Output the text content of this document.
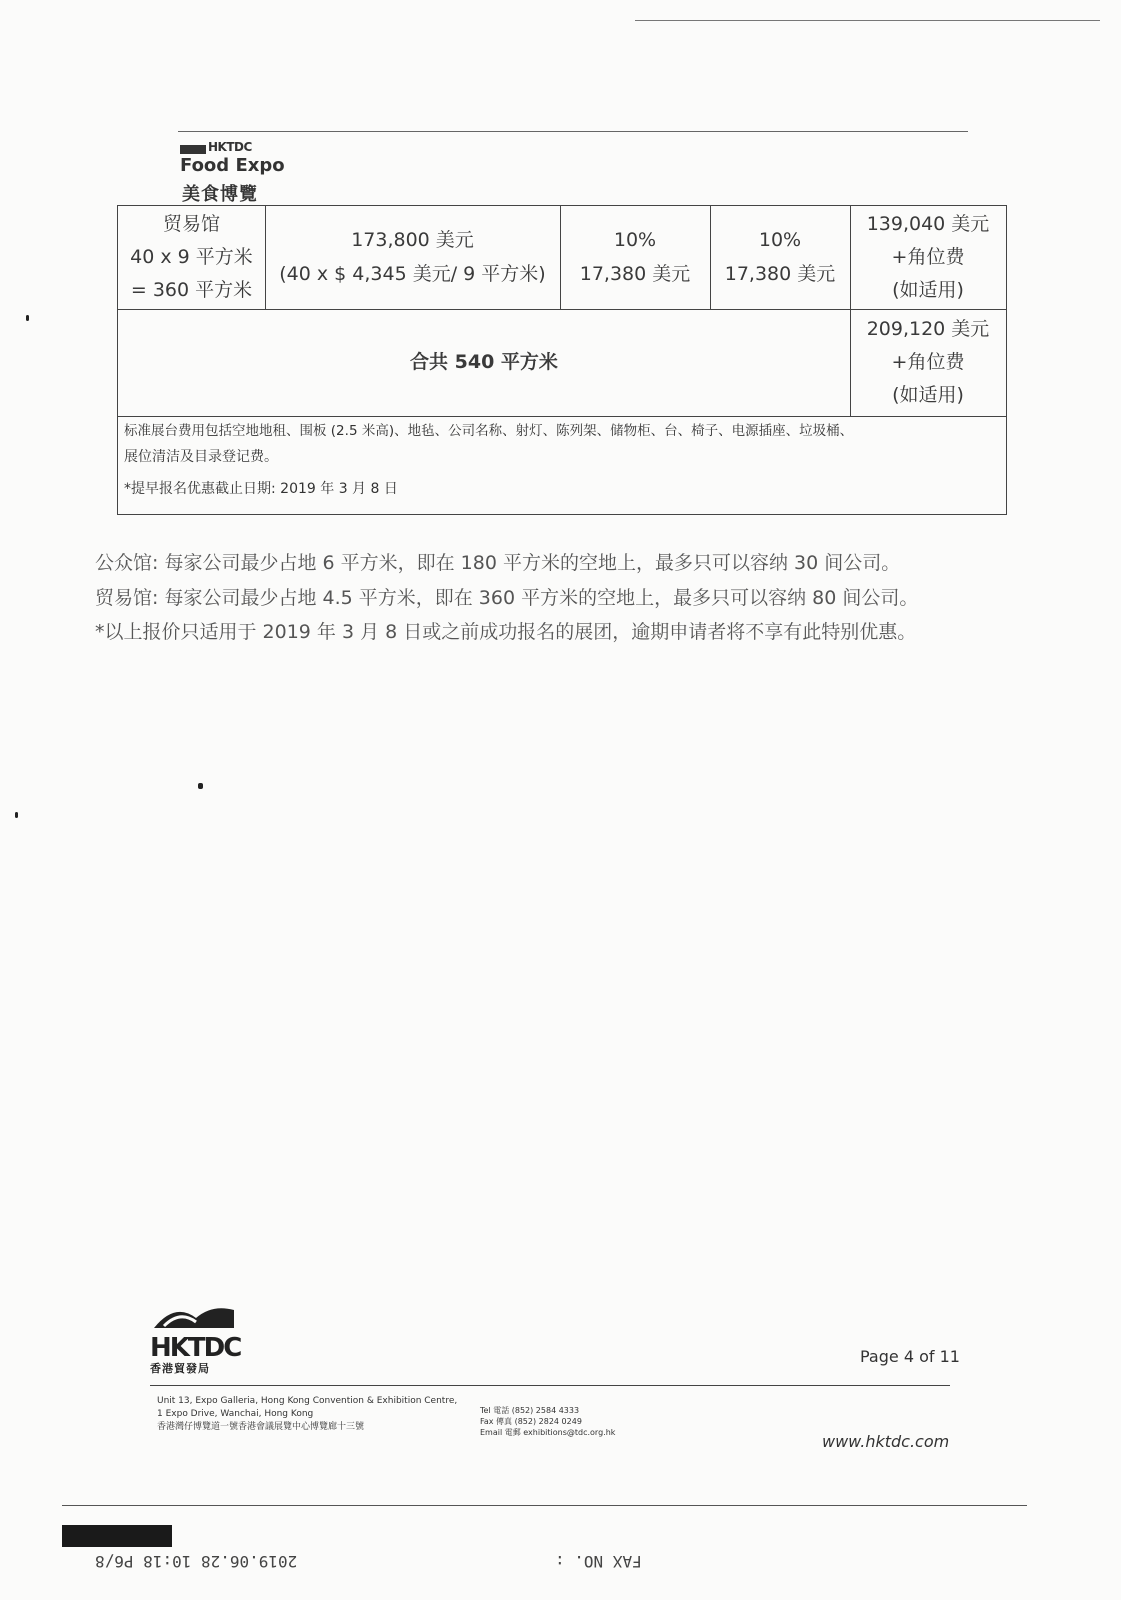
HKTDC
Food Expo
美食博覽
贸易馆
40 x 9 平方米
= 360 平方米
173,800 美元
(40 x $ 4,345 美元/ 9 平方米)
10%
17,380 美元
10%
17,380 美元
139,040 美元
+角位费
(如适用)
合共 540 平方米
209,120 美元
+角位费
(如适用)
标准展台费用包括空地地租、围板 (2.5 米高)、地毡、公司名称、射灯、陈列架、储物柜、台、椅子、电源插座、垃圾桶、
展位清洁及目录登记费。
*提早报名优惠截止日期: 2019 年 3 月 8 日
公众馆: 每家公司最少占地 6 平方米，即在 180 平方米的空地上，最多只可以容纳 30 间公司。
贸易馆: 每家公司最少占地 4.5 平方米，即在 360 平方米的空地上，最多只可以容纳 80 间公司。
*以上报价只适用于 2019 年 3 月 8 日或之前成功报名的展团，逾期申请者将不享有此特别优惠。
HKTDC
香港貿發局
Page 4 of 11
Unit 13, Expo Galleria, Hong Kong Convention & Exhibition Centre,
1 Expo Drive, Wanchai, Hong Kong
香港灣仔博覽道一號香港會議展覽中心博覽廊十三號
Tel 電話 (852) 2584 4333
Fax 傳真 (852) 2824 0249
Email 電郵 exhibitions@tdc.org.hk	www.hktdc.com
2019.06.28 10:18 P6/8	FAX NO. :
